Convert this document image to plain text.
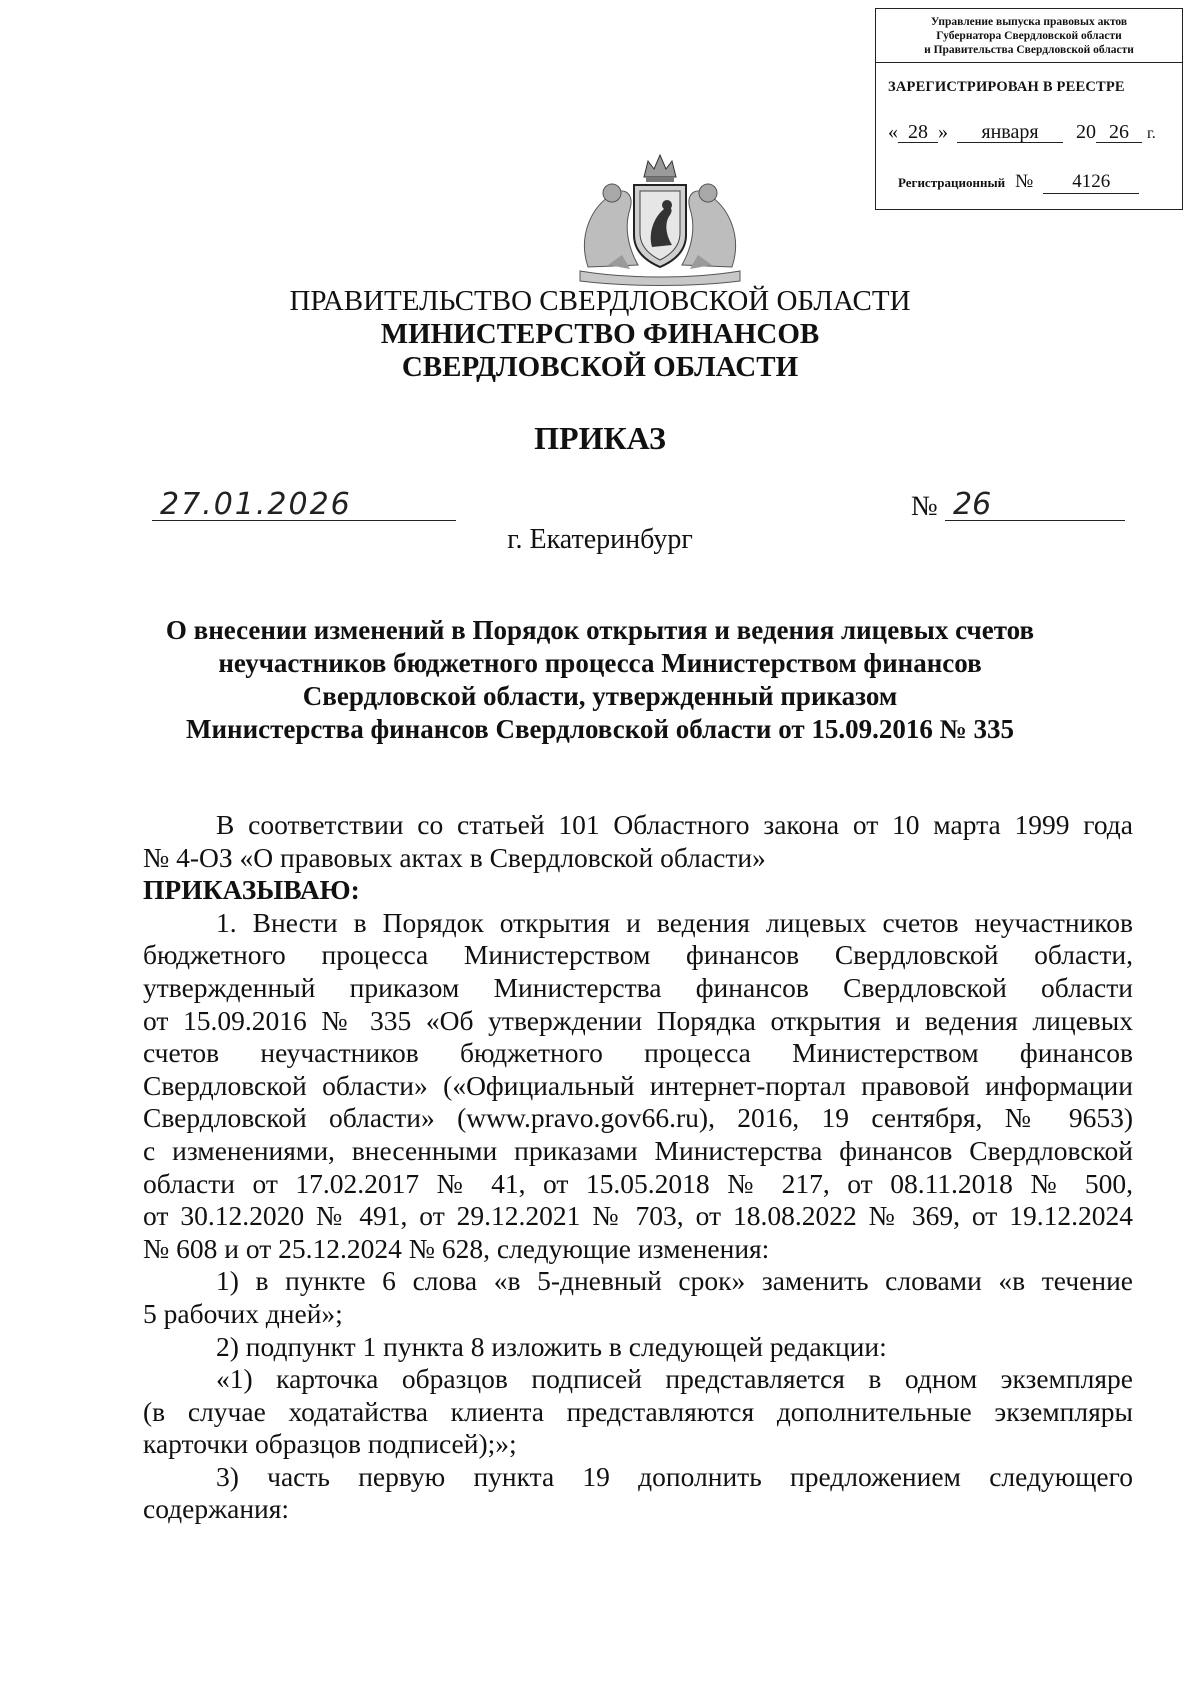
Управление выпуска правовых актов
Губернатора Свердловской области
и Правительства Свердловской области
ЗАРЕГИСТРИРОВАН В РЕЕСТРЕ
« 28 » января 20 26 г.
Регистрационный № 4126
ПРАВИТЕЛЬСТВО СВЕРДЛОВСКОЙ ОБЛАСТИ
МИНИСТЕРСТВО ФИНАНСОВ
СВЕРДЛОВСКОЙ ОБЛАСТИ
ПРИКАЗ
27.01.2026	№ 26
г. Екатеринбург
О внесении изменений в Порядок открытия и ведения лицевых счетов
неучастников бюджетного процесса Министерством финансов
Свердловской области, утвержденный приказом
Министерства финансов Свердловской области от 15.09.2016 № 335
В соответствии со статьей 101 Областного закона от 10 марта 1999 года
№ 4-ОЗ «О правовых актах в Свердловской области»
ПРИКАЗЫВАЮ:
1. Внести в Порядок открытия и ведения лицевых счетов неучастников
бюджетного процесса Министерством финансов Свердловской области,
утвержденный приказом Министерства финансов Свердловской области
от 15.09.2016 № 335 «Об утверждении Порядка открытия и ведения лицевых
счетов неучастников бюджетного процесса Министерством финансов
Свердловской области» («Официальный интернет-портал правовой информации
Свердловской области» (www.pravo.gov66.ru), 2016, 19 сентября, № 9653)
с изменениями, внесенными приказами Министерства финансов Свердловской
области от 17.02.2017 № 41, от 15.05.2018 № 217, от 08.11.2018 № 500,
от 30.12.2020 № 491, от 29.12.2021 № 703, от 18.08.2022 № 369, от 19.12.2024
№ 608 и от 25.12.2024 № 628, следующие изменения:
1) в пункте 6 слова «в 5-дневный срок» заменить словами «в течение
5 рабочих дней»;
2) подпункт 1 пункта 8 изложить в следующей редакции:
«1) карточка образцов подписей представляется в одном экземпляре
(в случае ходатайства клиента представляются дополнительные экземпляры
карточки образцов подписей);»;
3) часть первую пункта 19 дополнить предложением следующего
содержания:
